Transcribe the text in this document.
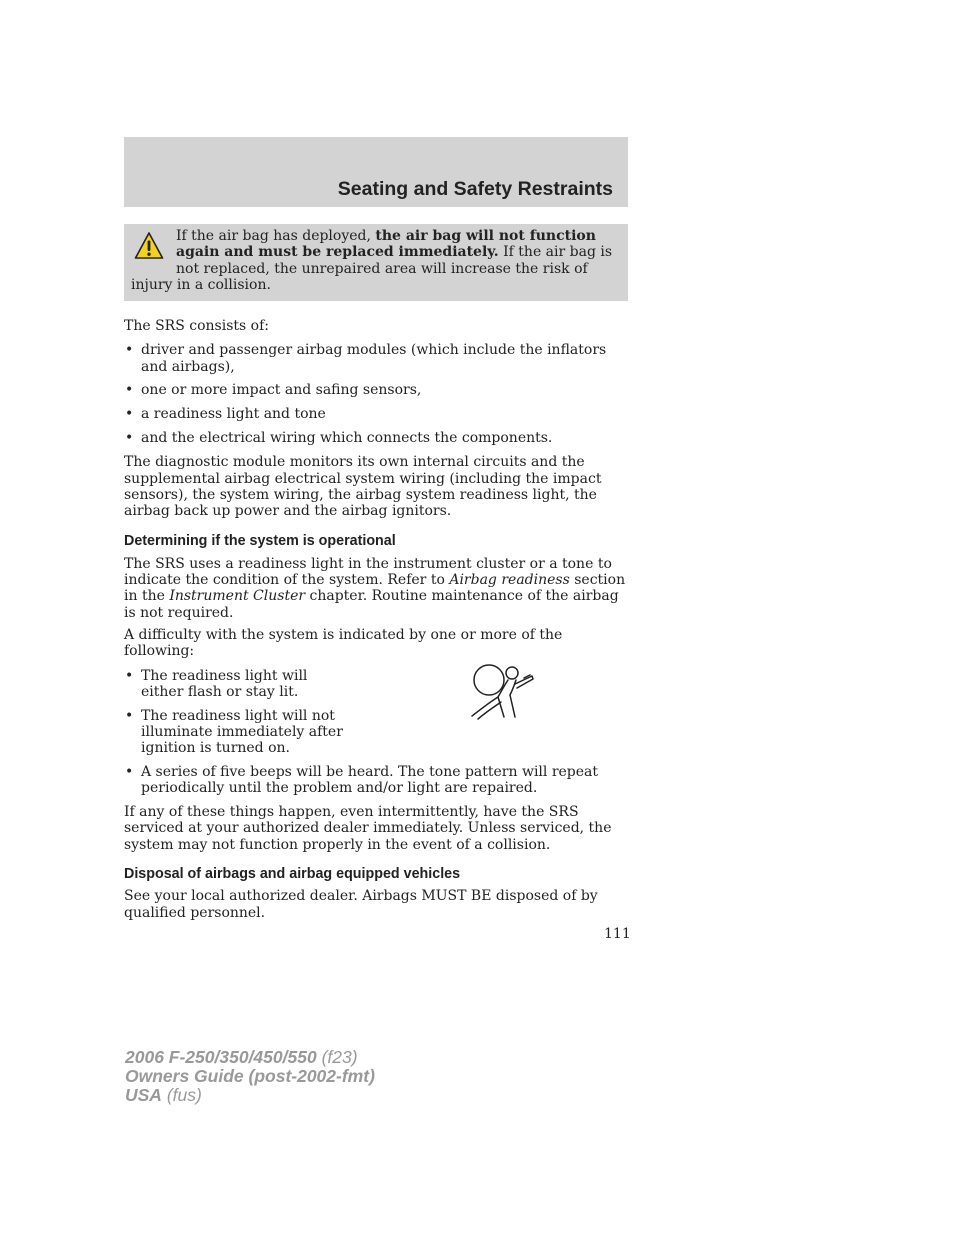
Seating and Safety Restraints
If the air bag has deployed, the air bag will not function again and must be replaced immediately. If the air bag is not replaced, the unrepaired area will increase the risk of injury in a collision.

The SRS consists of:

• driver and passenger airbag modules (which include the inflators and airbags),
• one or more impact and safing sensors,
• a readiness light and tone
• and the electrical wiring which connects the components.

The diagnostic module monitors its own internal circuits and the supplemental airbag electrical system wiring (including the impact sensors), the system wiring, the airbag system readiness light, the airbag back up power and the airbag ignitors.

Determining if the system is operational

The SRS uses a readiness light in the instrument cluster or a tone to indicate the condition of the system. Refer to Airbag readiness section in the Instrument Cluster chapter. Routine maintenance of the airbag is not required.

A difficulty with the system is indicated by one or more of the following:

• The readiness light will either flash or stay lit.
• The readiness light will not illuminate immediately after ignition is turned on.
• A series of five beeps will be heard. The tone pattern will repeat periodically until the problem and/or light are repaired.

If any of these things happen, even intermittently, have the SRS serviced at your authorized dealer immediately. Unless serviced, the system may not function properly in the event of a collision.

Disposal of airbags and airbag equipped vehicles

See your local authorized dealer. Airbags MUST BE disposed of by qualified personnel.

111
2006 F-250/350/450/550 (f23)
Owners Guide (post-2002-fmt)
USA (fus)
